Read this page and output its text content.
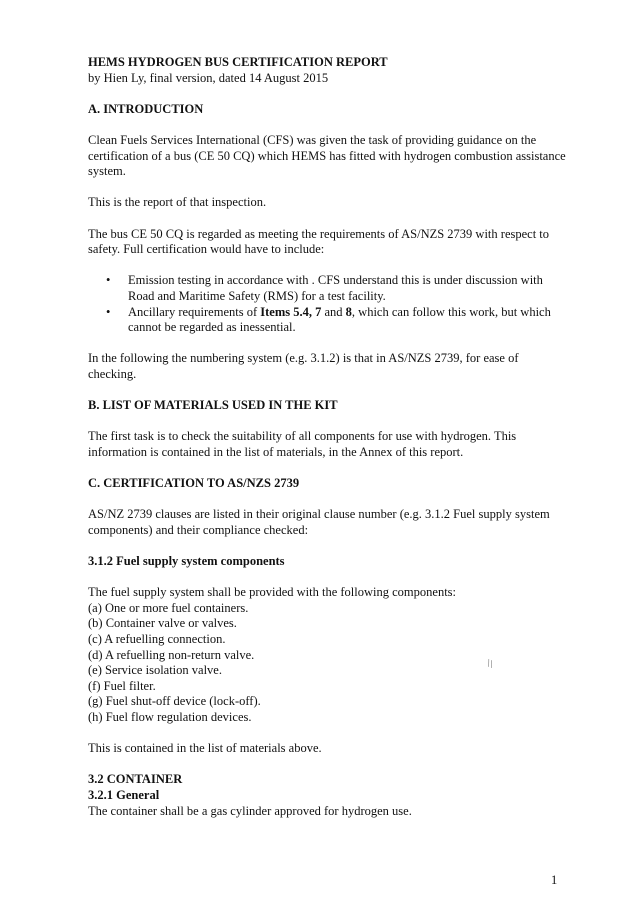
HEMS HYDROGEN BUS CERTIFICATION REPORT

by Hien Ly, final version, dated 14 August 2015

A. INTRODUCTION

Clean Fuels Services International (CFS) was given the task of providing guidance on the certification of a bus (CE 50 CQ) which HEMS has fitted with hydrogen combustion assistance system.

This is the report of that inspection.

The bus CE 50 CQ is regarded as meeting the requirements of AS/NZS 2739 with respect to safety. Full certification would have to include:

• Emission testing in accordance with . CFS understand this is under discussion with Road and Maritime Safety (RMS) for a test facility.
• Ancillary requirements of Items 5.4, 7 and 8, which can follow this work, but which cannot be regarded as inessential.

In the following the numbering system (e.g. 3.1.2) is that in AS/NZS 2739, for ease of checking.

B. LIST OF MATERIALS USED IN THE KIT

The first task is to check the suitability of all components for use with hydrogen. This information is contained in the list of materials, in the Annex of this report.

C. CERTIFICATION TO AS/NZS 2739

AS/NZ 2739 clauses are listed in their original clause number (e.g. 3.1.2 Fuel supply system components) and their compliance checked:

3.1.2 Fuel supply system components
The fuel supply system shall be provided with the following components:
(a) One or more fuel containers.
(b) Container valve or valves.
(c) A refuelling connection.
(d) A refuelling non-return valve.
(e) Service isolation valve.
(f) Fuel filter.
(g) Fuel shut-off device (lock-off).
(h) Fuel flow regulation devices.

This is contained in the list of materials above.

3.2 CONTAINER

3.2.1 General

The container shall be a gas cylinder approved for hydrogen use.

\\
1
